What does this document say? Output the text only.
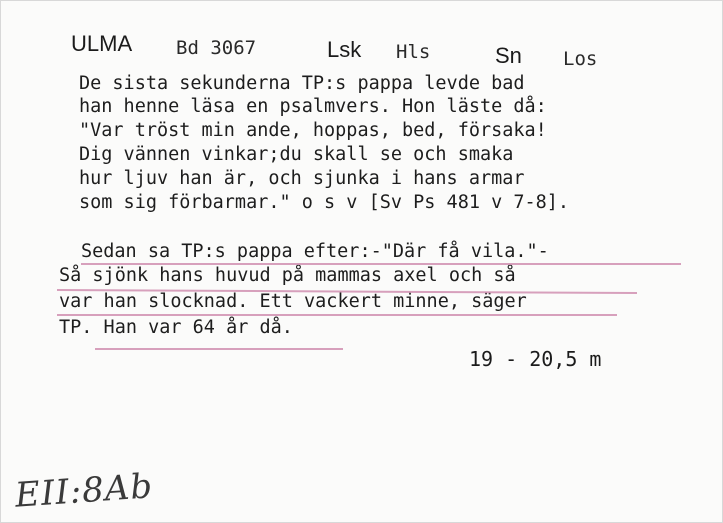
ULMA Bd 3067	Lsk Hls	Sn Los
De sista sekunderna TP:s pappa levde bad
han henne läsa en psalmvers. Hon läste då:
"Var tröst min ande, hoppas, bed, försaka!
Dig vännen vinkar;du skall se och smaka
hur ljuv han är, och sjunka i hans armar
som sig förbarmar." o s v [Sv Ps 481 v 7-8].
Sedan sa TP:s pappa efter:-"Där få vila."-
Så sjönk hans huvud på mammas axel och så
var han slocknad. Ett vackert minne, säger
TP. Han var 64 år då.
19 - 20,5 m
EII:8Ab
